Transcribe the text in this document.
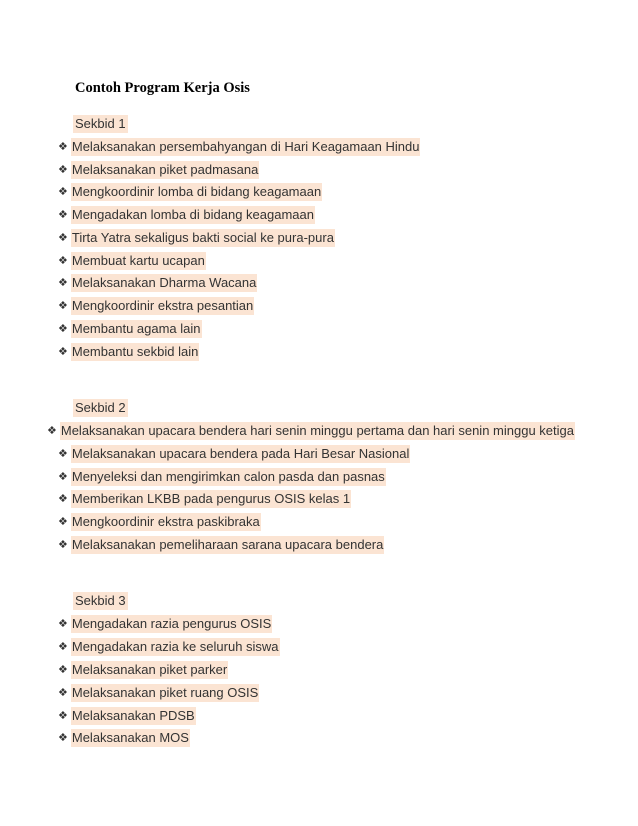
Contoh Program Kerja Osis
Sekbid 1
❖ Melaksanakan persembahyangan di Hari Keagamaan Hindu
❖ Melaksanakan piket padmasana
❖ Mengkoordinir lomba di bidang keagamaan
❖ Mengadakan lomba di bidang keagamaan
❖ Tirta Yatra sekaligus bakti social ke pura-pura
❖ Membuat kartu ucapan
❖ Melaksanakan Dharma Wacana
❖ Mengkoordinir ekstra pesantian
❖ Membantu agama lain
❖ Membantu sekbid lain
Sekbid 2
❖ Melaksanakan upacara bendera hari senin minggu pertama dan hari senin minggu ketiga
❖ Melaksanakan upacara bendera pada Hari Besar Nasional
❖ Menyeleksi dan mengirimkan calon pasda dan pasnas
❖ Memberikan LKBB pada pengurus OSIS kelas 1
❖ Mengkoordinir ekstra paskibraka
❖ Melaksanakan pemeliharaan sarana upacara bendera
Sekbid 3
❖ Mengadakan razia pengurus OSIS
❖ Mengadakan razia ke seluruh siswa
❖ Melaksanakan piket parker
❖ Melaksanakan piket ruang OSIS
❖ Melaksanakan PDSB
❖ Melaksanakan MOS
